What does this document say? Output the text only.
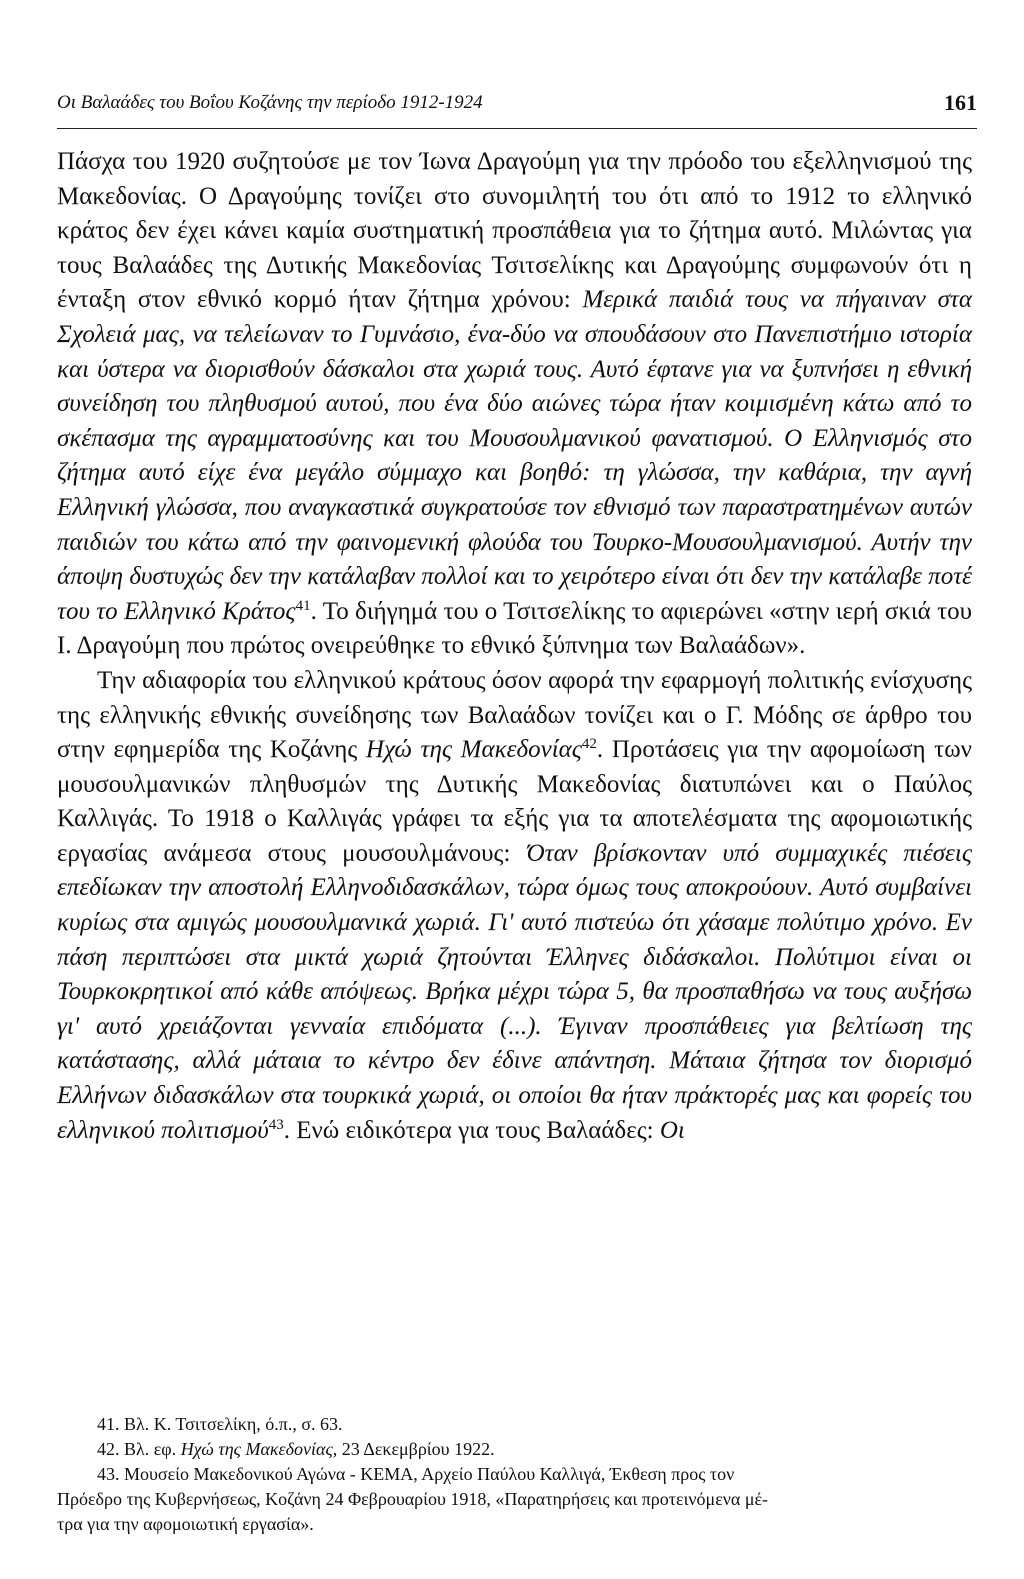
Οι Βαλαάδες του Βοΐου Κοζάνης την περίοδο 1912-1924	161

Πάσχα του 1920 συζητούσε με τον Ίωνα Δραγούμη για την πρόοδο του εξελληνισμού της Μακεδονίας. Ο Δραγούμης τονίζει στο συνομιλητή του ότι από το 1912 το ελληνικό κράτος δεν έχει κάνει καμία συστηματική προσπάθεια για το ζήτημα αυτό. Μιλώντας για τους Βαλαάδες της Δυτικής Μακεδονίας Τσιτσελίκης και Δραγούμης συμφωνούν ότι η ένταξη στον εθνικό κορμό ήταν ζήτημα χρόνου: Μερικά παιδιά τους να πήγαιναν στα Σχολειά μας, να τελείωναν το Γυμνάσιο, ένα-δύο να σπουδάσουν στο Πανεπιστήμιο ιστορία και ύστερα να διορισθούν δάσκαλοι στα χωριά τους. Αυτό έφτανε για να ξυπνήσει η εθνική συνείδηση του πληθυσμού αυτού, που ένα δύο αιώνες τώρα ήταν κοιμισμένη κάτω από το σκέπασμα της αγραμματοσύνης και του Μουσουλμανικού φανατισμού. Ο Ελληνισμός στο ζήτημα αυτό είχε ένα μεγάλο σύμμαχο και βοηθό: τη γλώσσα, την καθάρια, την αγνή Ελληνική γλώσσα, που αναγκαστικά συγκρατούσε τον εθνισμό των παραστρατημένων αυτών παιδιών του κάτω από την φαινομενική φλούδα του Τουρκο-Μουσουλμανισμού. Αυτήν την άποψη δυστυχώς δεν την κατάλαβαν πολλοί και το χειρότερο είναι ότι δεν την κατάλαβε ποτέ του το Ελληνικό Κράτος$^{41}$. Το διήγημά του ο Τσιτσελίκης το αφιερώνει «στην ιερή σκιά του Ι. Δραγούμη που πρώτος ονειρεύθηκε το εθνικό ξύπνημα των Βαλαάδων».

Την αδιαφορία του ελληνικού κράτους όσον αφορά την εφαρμογή πολιτικής ενίσχυσης της ελληνικής εθνικής συνείδησης των Βαλαάδων τονίζει και ο Γ. Μόδης σε άρθρο του στην εφημερίδα της Κοζάνης Ηχώ της Μακεδονίας$^{42}$. Προτάσεις για την αφομοίωση των μουσουλμανικών πληθυσμών της Δυτικής Μακεδονίας διατυπώνει και ο Παύλος Καλλιγάς. Το 1918 ο Καλλιγάς γράφει τα εξής για τα αποτελέσματα της αφομοιωτικής εργασίας ανάμεσα στους μουσουλμάνους: Όταν βρίσκονταν υπό συμμαχικές πιέσεις επεδίωκαν την αποστολή Ελληνοδιδασκάλων, τώρα όμως τους αποκρούουν. Αυτό συμβαίνει κυρίως στα αμιγώς μουσουλμανικά χωριά. Γι' αυτό πιστεύω ότι χάσαμε πολύτιμο χρόνο. Εν πάση περιπτώσει στα μικτά χωριά ζητούνται Έλληνες διδάσκαλοι. Πολύτιμοι είναι οι Τουρκοκρητικοί από κάθε απόψεως. Βρήκα μέχρι τώρα 5, θα προσπαθήσω να τους αυξήσω γι' αυτό χρειάζονται γενναία επιδόματα (...). Έγιναν προσπάθειες για βελτίωση της κατάστασης, αλλά μάταια το κέντρο δεν έδινε απάντηση. Μάταια ζήτησα τον διορισμό Ελλήνων διδασκάλων στα τουρκικά χωριά, οι οποίοι θα ήταν πράκτορές μας και φορείς του ελληνικού πολιτισμού$^{43}$. Ενώ ειδικότερα για τους Βαλαάδες: Οι

41. Βλ. Κ. Τσιτσελίκη, ό.π., σ. 63.
42. Βλ. εφ. Ηχώ της Μακεδονίας, 23 Δεκεμβρίου 1922.
43. Μουσείο Μακεδονικού Αγώνα - ΚΕΜΑ, Αρχείο Παύλου Καλλιγά, Έκθεση προς τον
Πρόεδρο της Κυβερνήσεως, Κοζάνη 24 Φεβρουαρίου 1918, «Παρατηρήσεις και προτεινόμενα μέ-
τρα για την αφομοιωτική εργασία».
